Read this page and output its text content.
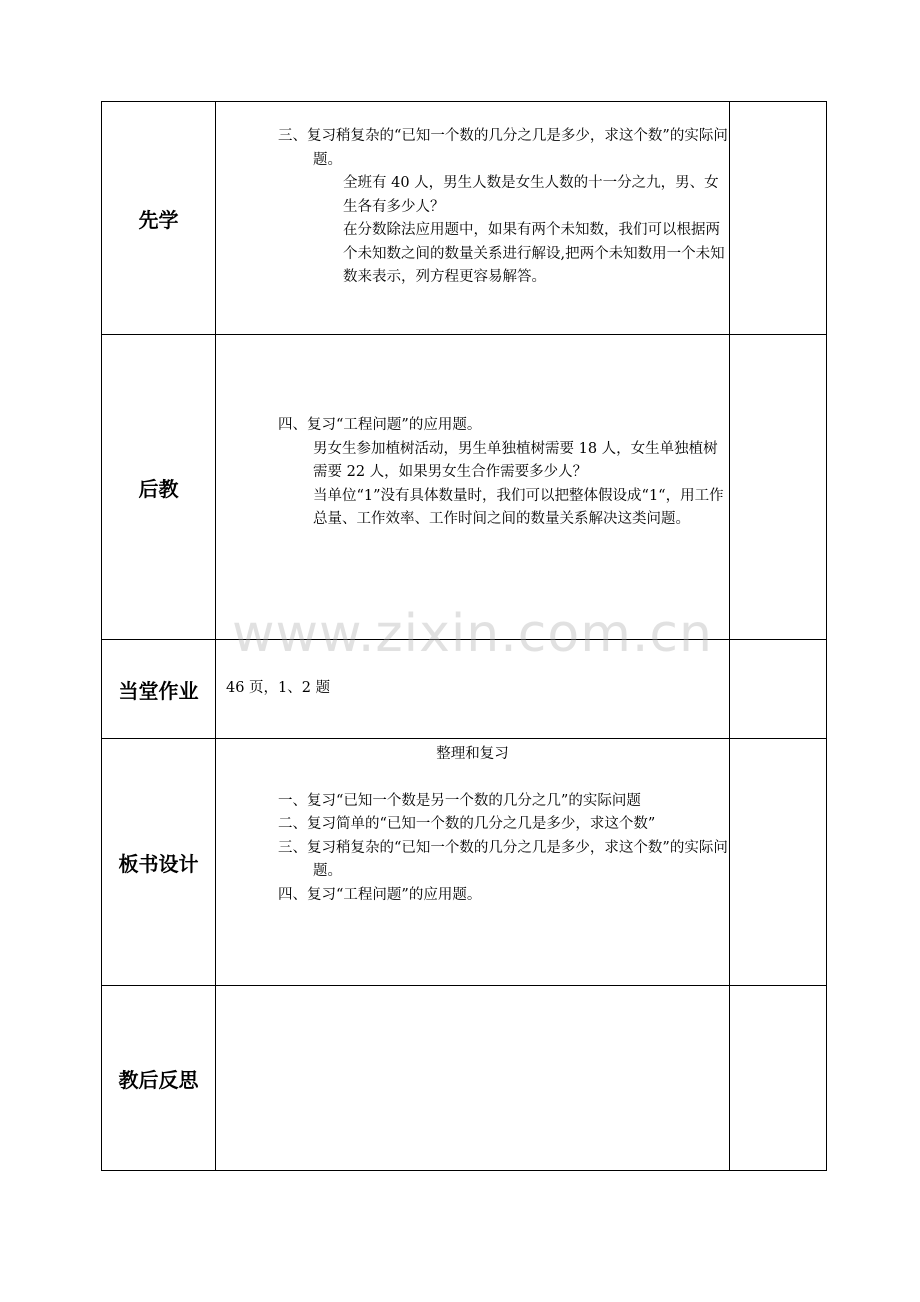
先学	三、复习稍复杂的“已知一个数的几分之几是多少，求这个数”的实际问题。

全班有 40 人，男生人数是女生人数的十一分之九，男、女生各有多少人？

在分数除法应用题中，如果有两个未知数，我们可以根据两个未知数之间的数量关系进行解设,把两个未知数用一个未知数来表示，列方程更容易解答。	

后教	四、复习“工程问题”的应用题。

男女生参加植树活动，男生单独植树需要 18 人，女生单独植树需要 22 人，如果男女生合作需要多少人？

当单位“1”没有具体数量时，我们可以把整体假设成“1“，用工作总量、工作效率、工作时间之间的数量关系解决这类问题。	

当堂作业	46 页，1、2 题	

板书设计	整理和复习

一、复习“已知一个数是另一个数的几分之几”的实际问题

二、复习简单的“已知一个数的几分之几是多少，求这个数”

三、复习稍复杂的“已知一个数的几分之几是多少，求这个数”的实际问题。

四、复习“工程问题”的应用题。	

教后反思		
www.zixin.com.cn
